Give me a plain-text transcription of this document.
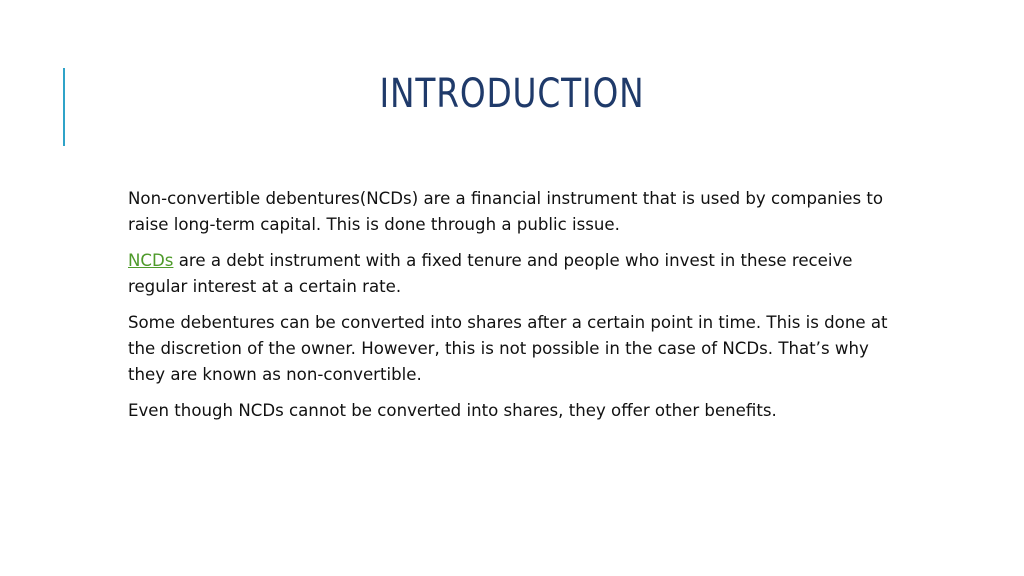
INTRODUCTION

Non-convertible debentures(NCDs) are a financial instrument that is used by companies to raise long-term capital. This is done through a public issue.

NCDs are a debt instrument with a fixed tenure and people who invest in these receive regular interest at a certain rate.

Some debentures can be converted into shares after a certain point in time. This is done at the discretion of the owner. However, this is not possible in the case of NCDs. That’s why they are known as non-convertible.

Even though NCDs cannot be converted into shares, they offer other benefits.
